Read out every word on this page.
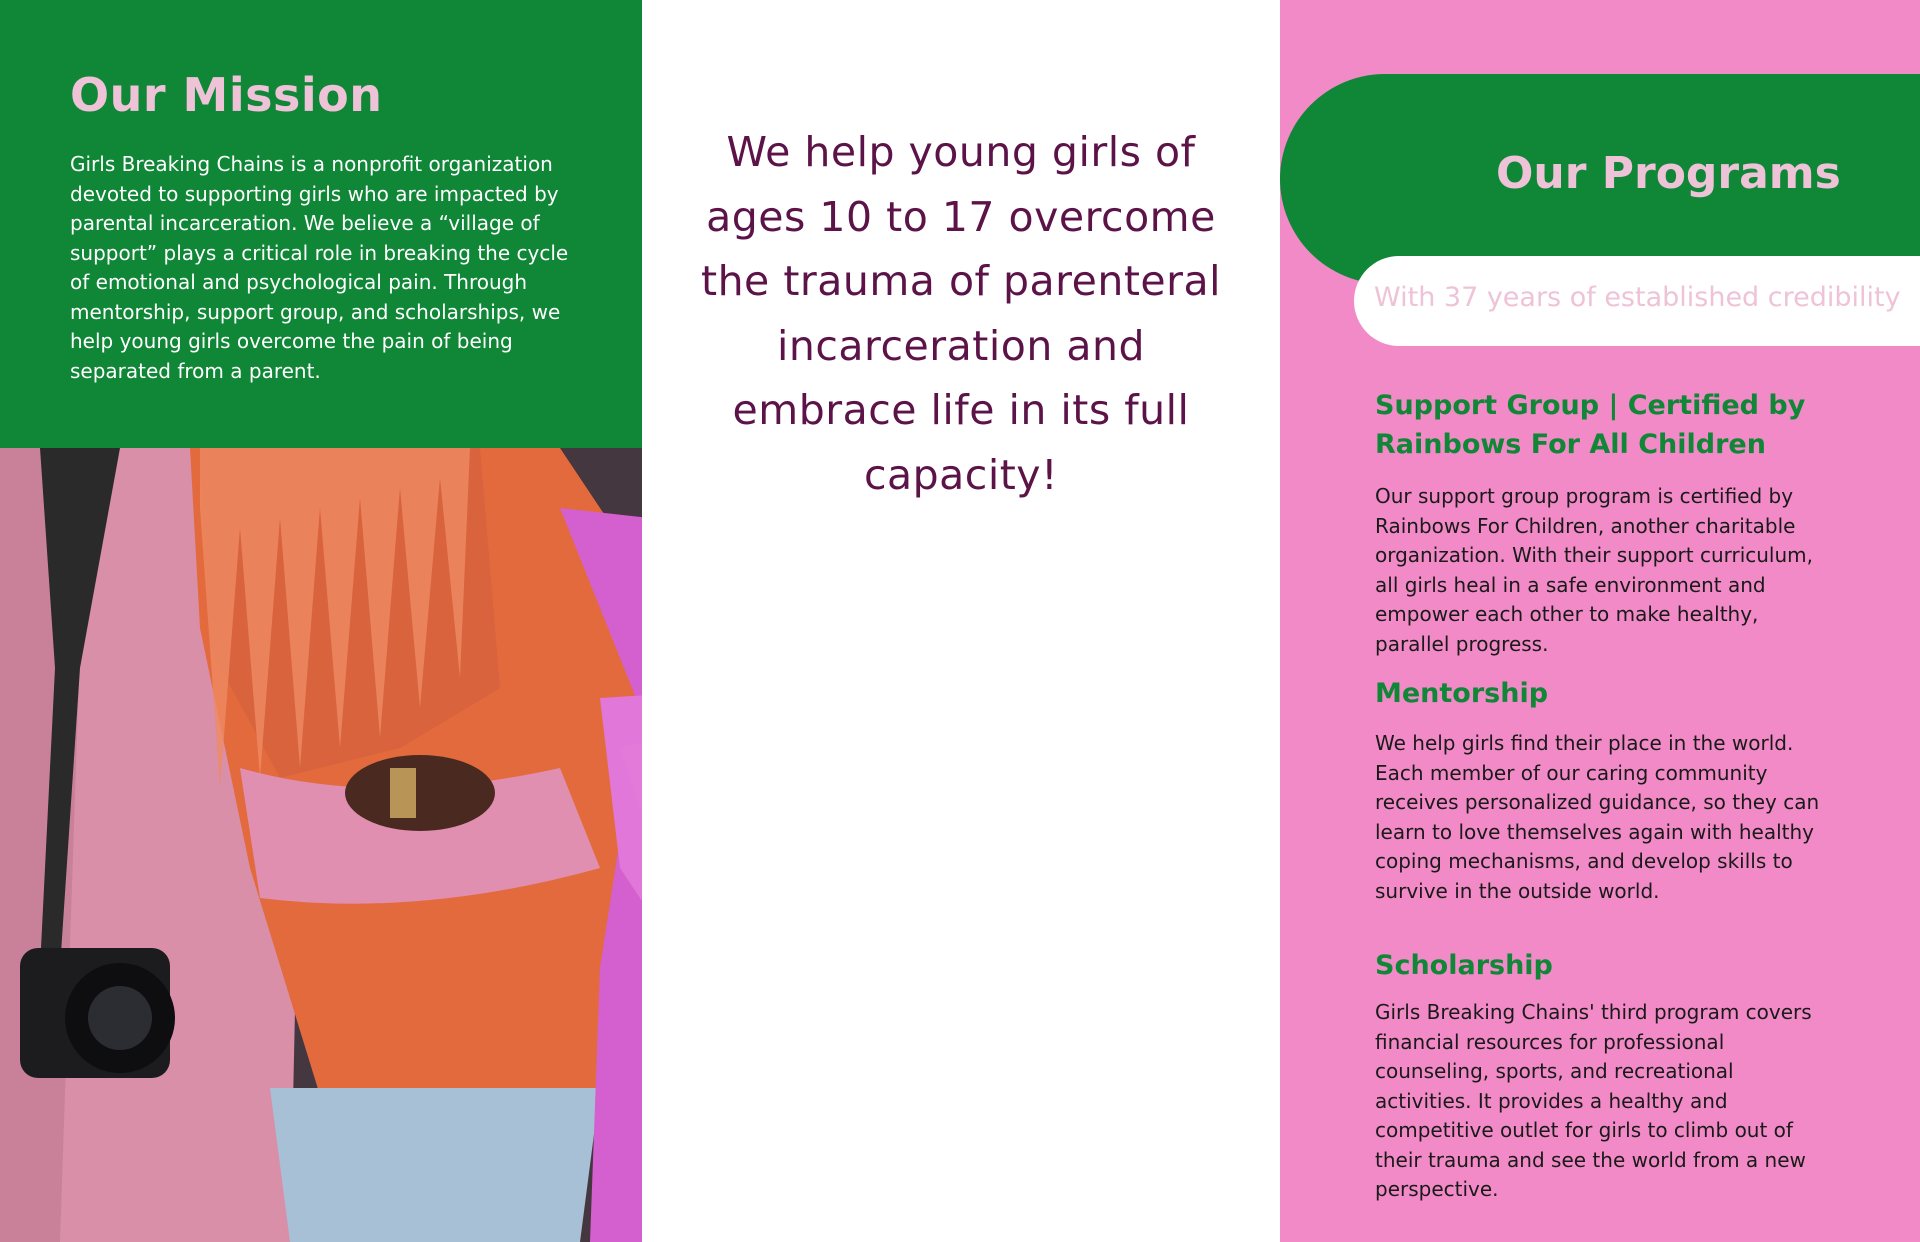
Our Mission

Girls Breaking Chains is a nonprofit organization devoted to supporting girls who are impacted by parental incarceration. We believe a “village of support” plays a critical role in breaking the cycle of emotional and psychological pain. Through mentorship, support group, and scholarships, we help young girls overcome the pain of being separated from a parent.

We help young girls of ages 10 to 17 overcome the trauma of parenteral incarceration and embrace life in its full capacity!

Our Programs

With 37 years of established credibility

Support Group | Certified by Rainbows For All Children

Our support group program is certified by Rainbows For Children, another charitable organization. With their support curriculum, all girls heal in a safe environment and empower each other to make healthy, parallel progress.

Mentorship

We help girls find their place in the world. Each member of our caring community receives personalized guidance, so they can learn to love themselves again with healthy coping mechanisms, and develop skills to survive in the outside world.

Scholarship

Girls Breaking Chains' third program covers financial resources for professional counseling, sports, and recreational activities. It provides a healthy and competitive outlet for girls to climb out of their trauma and see the world from a new perspective.
